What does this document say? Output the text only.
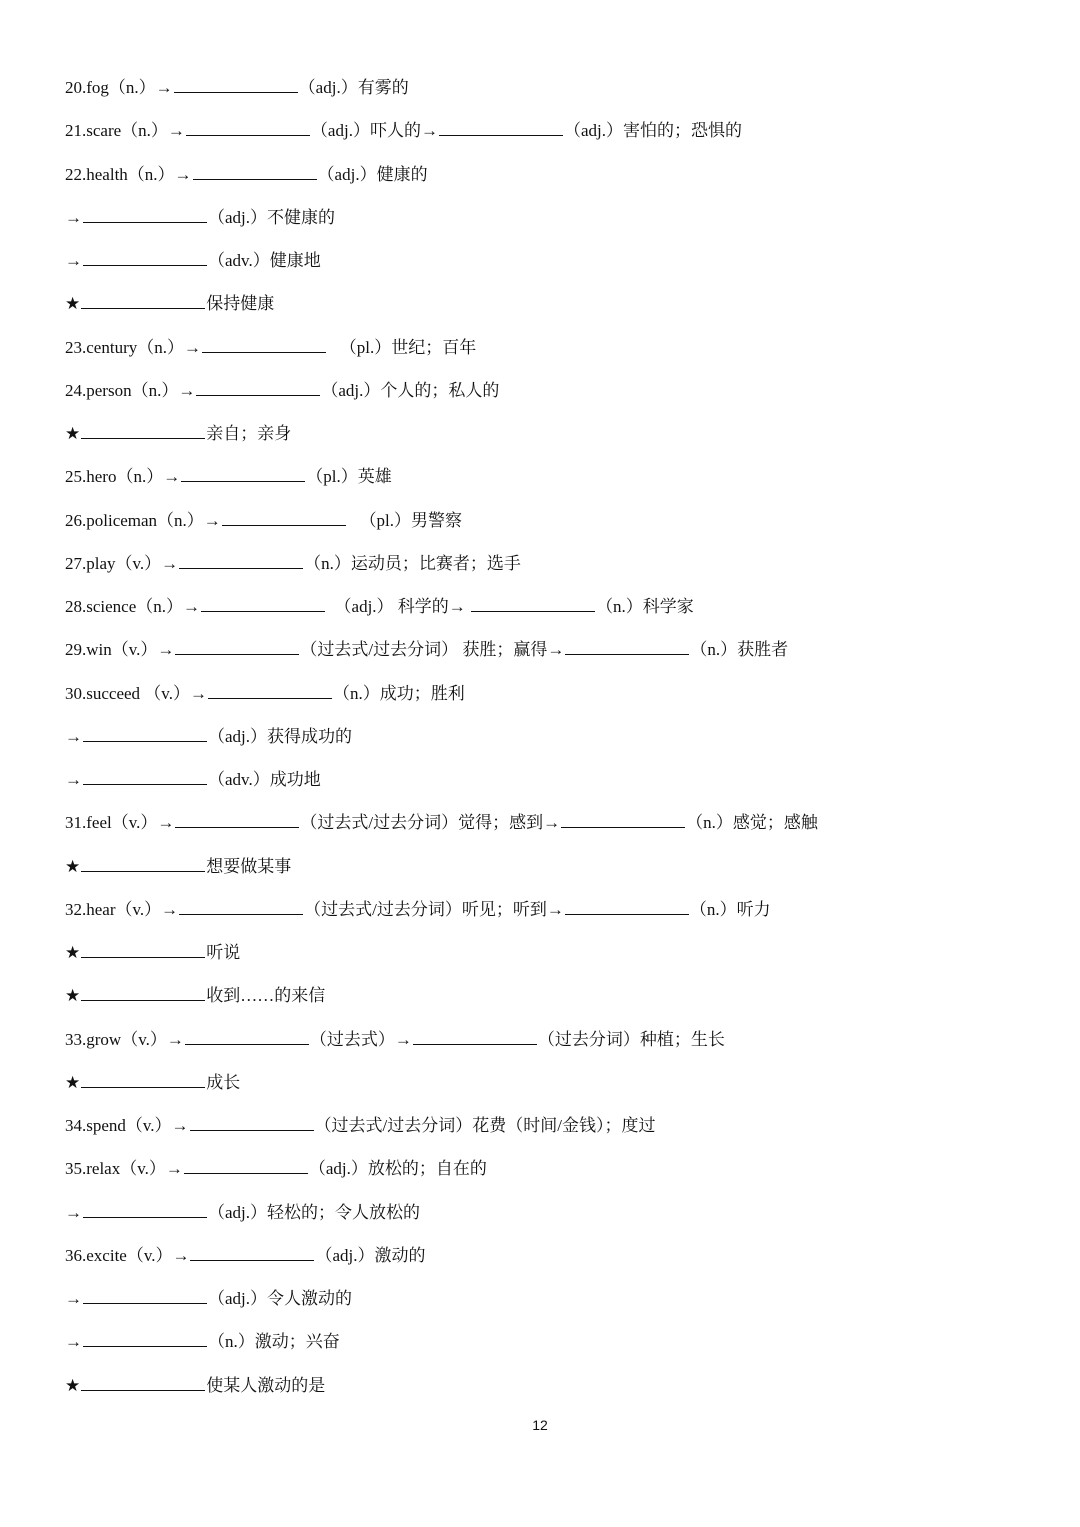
20.fog（n.）→	（adj.）有雾的
21.scare（n.）→	（adj.）吓人的→	（adj.）害怕的；恐惧的
22.health（n.）→	（adj.）健康的
→	（adj.）不健康的
→	（adv.）健康地
★	保持健康
23.century（n.）→	（pl.）世纪；百年
24.person（n.）→	（adj.）个人的；私人的
★	亲自；亲身
25.hero（n.）→	（pl.）英雄
26.policeman（n.）→	（pl.）男警察
27.play（v.）→	（n.）运动员；比赛者；选手
28.science（n.）→	（adj.） 科学的→	（n.）科学家
29.win（v.）→	（过去式/过去分词） 获胜；赢得→	（n.）获胜者
30.succeed （v.）→	（n.）成功；胜利
→	（adj.）获得成功的
→	（adv.）成功地
31.feel（v.）→	（过去式/过去分词）觉得；感到→	（n.）感觉；感触
★	想要做某事
32.hear（v.）→	（过去式/过去分词）听见；听到→	（n.）听力
★	听说
★	收到……的来信
33.grow（v.）→	（过去式）→	（过去分词）种植；生长
★	成长
34.spend（v.）→	（过去式/过去分词）花费（时间/金钱）；度过
35.relax（v.）→	（adj.）放松的；自在的
→	（adj.）轻松的；令人放松的
36.excite（v.）→	（adj.）激动的
→	（adj.）令人激动的
→	（n.）激动；兴奋
★	使某人激动的是
12
